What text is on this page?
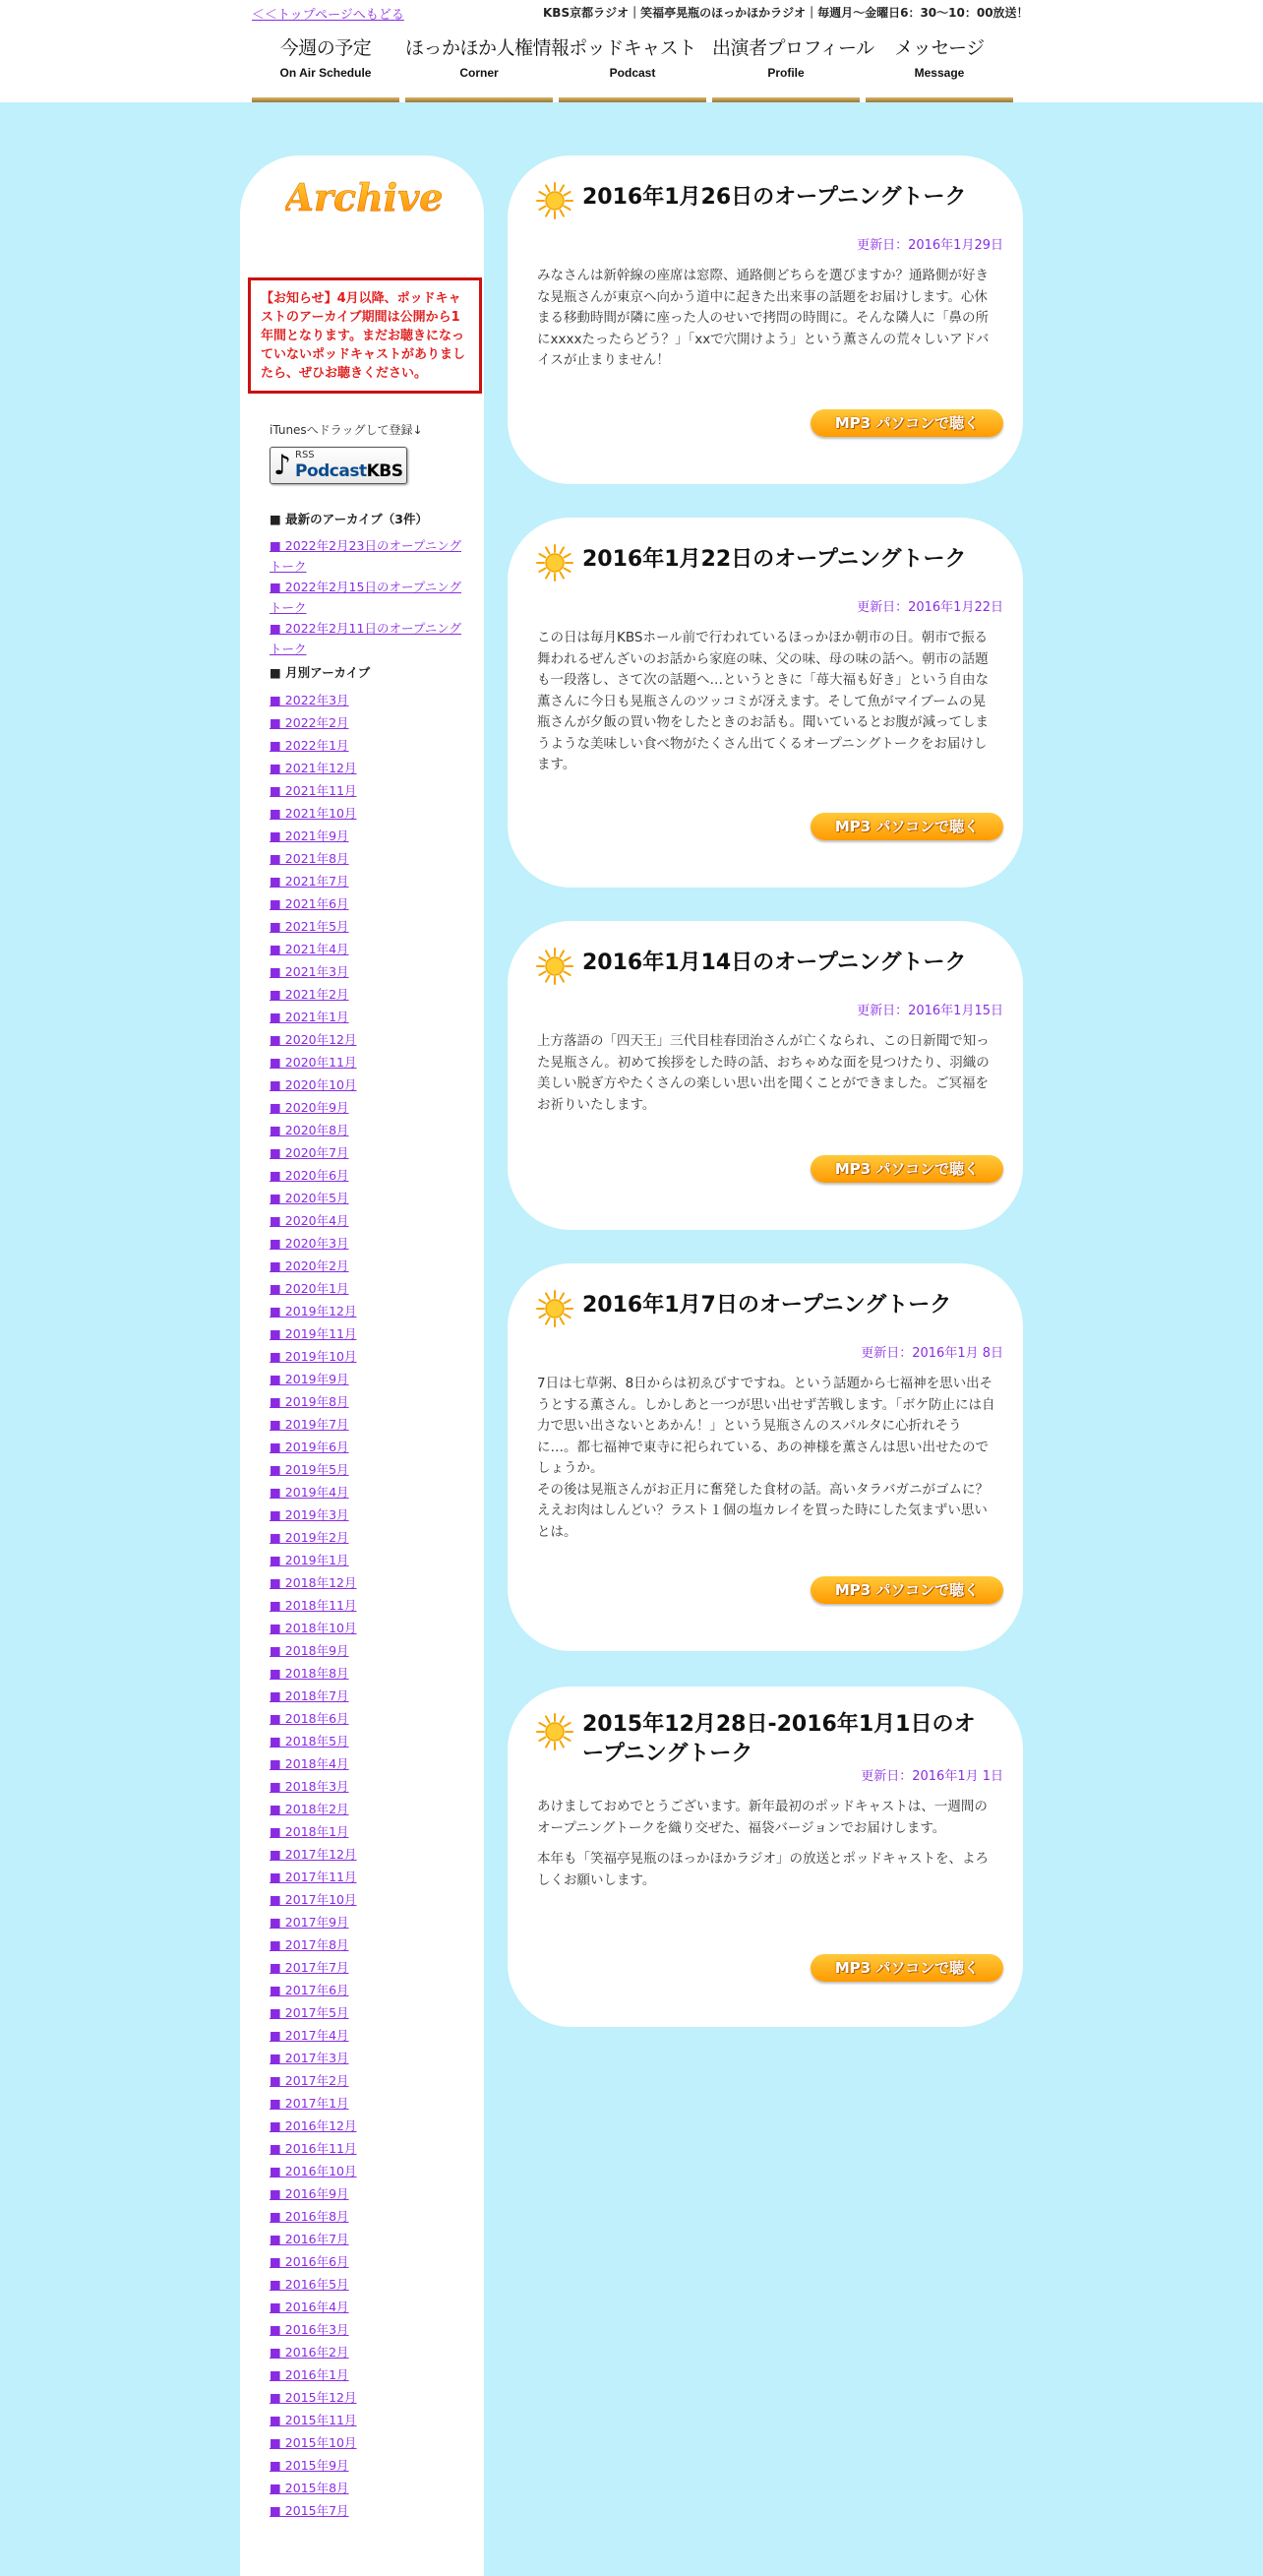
＜＜トップページへもどる	KBS京都ラジオ｜笑福亭晃瓶のほっかほかラジオ｜毎週月～金曜日6：30～10：00放送！
今週の予定
On Air Schedule
ほっかほか人権情報
Corner
ポッドキャスト
Podcast
出演者プロフィール
Profile
メッセージ
Message
Archive
【お知らせ】4月以降、ポッドキャストのアーカイブ期間は公開から1年間となります。まだお聴きになっていないポッドキャストがありましたら、ぜひお聴きください。
iTunesへドラッグして登録↓
♪ RSS
PodcastKBS
■ 最新のアーカイブ（3件）
■ 2022年2月23日のオープニングトーク
■ 2022年2月15日のオープニングトーク
■ 2022年2月11日のオープニングトーク
■ 月別アーカイブ
■ 2022年3月
■ 2022年2月
■ 2022年1月
■ 2021年12月
■ 2021年11月
■ 2021年10月
■ 2021年9月
■ 2021年8月
■ 2021年7月
■ 2021年6月
■ 2021年5月
■ 2021年4月
■ 2021年3月
■ 2021年2月
■ 2021年1月
■ 2020年12月
■ 2020年11月
■ 2020年10月
■ 2020年9月
■ 2020年8月
■ 2020年7月
■ 2020年6月
■ 2020年5月
■ 2020年4月
■ 2020年3月
■ 2020年2月
■ 2020年1月
■ 2019年12月
■ 2019年11月
■ 2019年10月
■ 2019年9月
■ 2019年8月
■ 2019年7月
■ 2019年6月
■ 2019年5月
■ 2019年4月
■ 2019年3月
■ 2019年2月
■ 2019年1月
■ 2018年12月
■ 2018年11月
■ 2018年10月
■ 2018年9月
■ 2018年8月
■ 2018年7月
■ 2018年6月
■ 2018年5月
■ 2018年4月
■ 2018年3月
■ 2018年2月
■ 2018年1月
■ 2017年12月
■ 2017年11月
■ 2017年10月
■ 2017年9月
■ 2017年8月
■ 2017年7月
■ 2017年6月
■ 2017年5月
■ 2017年4月
■ 2017年3月
■ 2017年2月
■ 2017年1月
■ 2016年12月
■ 2016年11月
■ 2016年10月
■ 2016年9月
■ 2016年8月
■ 2016年7月
■ 2016年6月
■ 2016年5月
■ 2016年4月
■ 2016年3月
■ 2016年2月
■ 2016年1月
■ 2015年12月
■ 2015年11月
■ 2015年10月
■ 2015年9月
■ 2015年8月
■ 2015年7月
2016年1月26日のオープニングトーク
更新日：2016年1月29日

みなさんは新幹線の座席は窓際、通路側どちらを選びますか？通路側が好きな晃瓶さんが東京へ向かう道中に起きた出来事の話題をお届けします。心休まる移動時間が隣に座った人のせいで拷問の時間に。そんな隣人に「鼻の所にxxxxたったらどう？」「xxで穴開けよう」という薫さんの荒々しいアドバイスが止まりません！

MP3 パソコンで聴く
2016年1月22日のオープニングトーク
更新日：2016年1月22日

この日は毎月KBSホール前で行われているほっかほか朝市の日。朝市で振る舞われるぜんざいのお話から家庭の味、父の味、母の味の話へ。朝市の話題も一段落し、さて次の話題へ…というときに「苺大福も好き」という自由な薫さんに今日も晃瓶さんのツッコミが冴えます。そして魚がマイブームの晃瓶さんが夕飯の買い物をしたときのお話も。聞いているとお腹が減ってしまうような美味しい食べ物がたくさん出てくるオープニングトークをお届けします。

MP3 パソコンで聴く
2016年1月14日のオープニングトーク
更新日：2016年1月15日

上方落語の「四天王」三代目桂春団治さんが亡くなられ、この日新聞で知った晃瓶さん。初めて挨拶をした時の話、おちゃめな面を見つけたり、羽織の美しい脱ぎ方やたくさんの楽しい思い出を聞くことができました。ご冥福をお祈りいたします。

MP3 パソコンで聴く
2016年1月7日のオープニングトーク
更新日：2016年1月 8日

7日は七草粥、8日からは初ゑびすですね。という話題から七福神を思い出そうとする薫さん。しかしあと一つが思い出せず苦戦します。「ボケ防止には自力で思い出さないとあかん！」という晃瓶さんのスパルタに心折れそうに…。都七福神で東寺に祀られている、あの神様を薫さんは思い出せたのでしょうか。
その後は晃瓶さんがお正月に奮発した食材の話。高いタラバガニがゴムに？ええお肉はしんどい？ラスト１個の塩カレイを買った時にした気まずい思いとは。

MP3 パソコンで聴く
2015年12月28日-2016年1月1日のオープニングトーク
更新日：2016年1月 1日

あけましておめでとうございます。新年最初のポッドキャストは、一週間のオープニングトークを織り交ぜた、福袋バージョンでお届けします。

本年も「笑福亭晃瓶のほっかほかラジオ」の放送とポッドキャストを、よろしくお願いします。

MP3 パソコンで聴く
